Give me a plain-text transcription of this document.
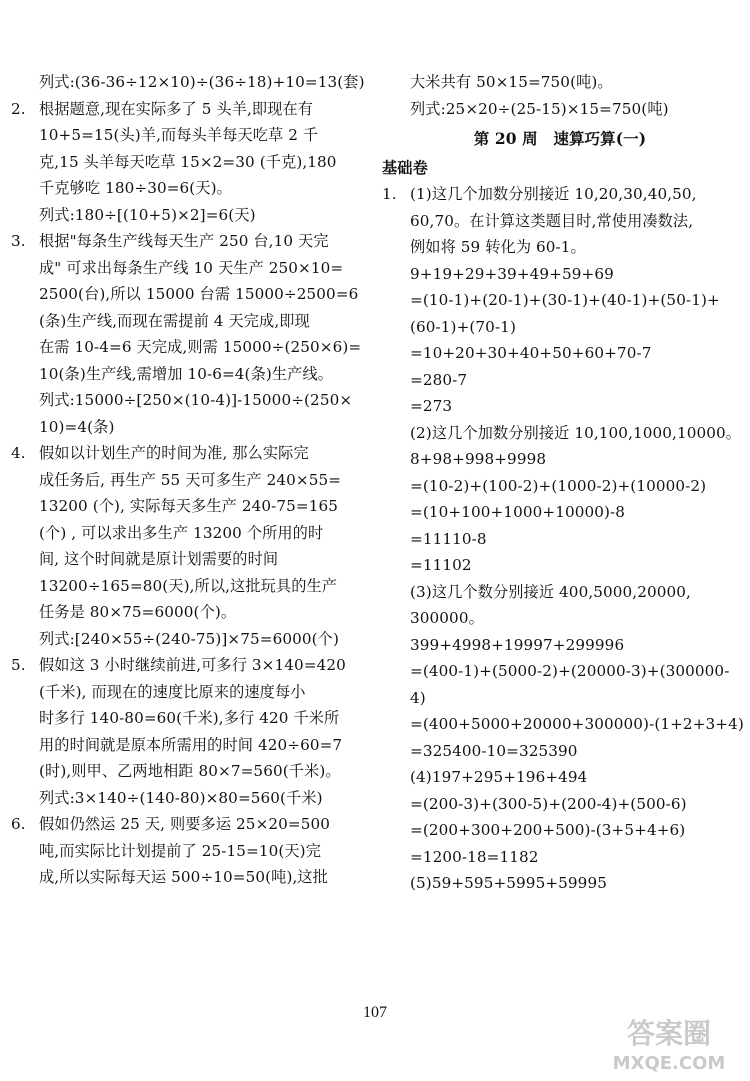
列式:(36-36÷12×10)÷(36÷18)+10=13(套)
2. 根据题意,现在实际多了 5 头羊,即现在有
10+5=15(头)羊,而每头羊每天吃草 2 千
克,15 头羊每天吃草 15×2=30 (千克),180
千克够吃 180÷30=6(天)。
列式:180÷[(10+5)×2]=6(天)
3. 根据"每条生产线每天生产 250 台,10 天完
成" 可求出每条生产线 10 天生产 250×10=
2500(台),所以 15000 台需 15000÷2500=6
(条)生产线,而现在需提前 4 天完成,即现
在需 10-4=6 天完成,则需 15000÷(250×6)=
10(条)生产线,需增加 10-6=4(条)生产线。
列式:15000÷[250×(10-4)]-15000÷(250×
10)=4(条)
4. 假如以计划生产的时间为准, 那么实际完
成任务后, 再生产 55 天可多生产 240×55=
13200 (个), 实际每天多生产 240-75=165
(个) , 可以求出多生产 13200 个所用的时
间, 这个时间就是原计划需要的时间
13200÷165=80(天),所以,这批玩具的生产
任务是 80×75=6000(个)。
列式:[240×55÷(240-75)]×75=6000(个)
5. 假如这 3 小时继续前进,可多行 3×140=420
(千米), 而现在的速度比原来的速度每小
时多行 140-80=60(千米),多行 420 千米所
用的时间就是原本所需用的时间 420÷60=7
(时),则甲、乙两地相距 80×7=560(千米)。
列式:3×140÷(140-80)×80=560(千米)
6. 假如仍然运 25 天, 则要多运 25×20=500
吨,而实际比计划提前了 25-15=10(天)完
成,所以实际每天运 500÷10=50(吨),这批
大米共有 50×15=750(吨)。
列式:25×20÷(25-15)×15=750(吨)
第 20 周　速算巧算(一)
基础卷
1. (1)这几个加数分别接近 10,20,30,40,50,
60,70。在计算这类题目时,常使用凑数法,
例如将 59 转化为 60-1。
9+19+29+39+49+59+69
=(10-1)+(20-1)+(30-1)+(40-1)+(50-1)+
(60-1)+(70-1)
=10+20+30+40+50+60+70-7
=280-7
=273
(2)这几个加数分别接近 10,100,1000,10000。
8+98+998+9998
=(10-2)+(100-2)+(1000-2)+(10000-2)
=(10+100+1000+10000)-8
=11110-8
=11102
(3)这几个数分别接近 400,5000,20000,
300000。
399+4998+19997+299996
=(400-1)+(5000-2)+(20000-3)+(300000-
4)
=(400+5000+20000+300000)-(1+2+3+4)
=325400-10=325390
(4)197+295+196+494
=(200-3)+(300-5)+(200-4)+(500-6)
=(200+300+200+500)-(3+5+4+6)
=1200-18=1182
(5)59+595+5995+59995
107
答案圈
MXQE.COM
